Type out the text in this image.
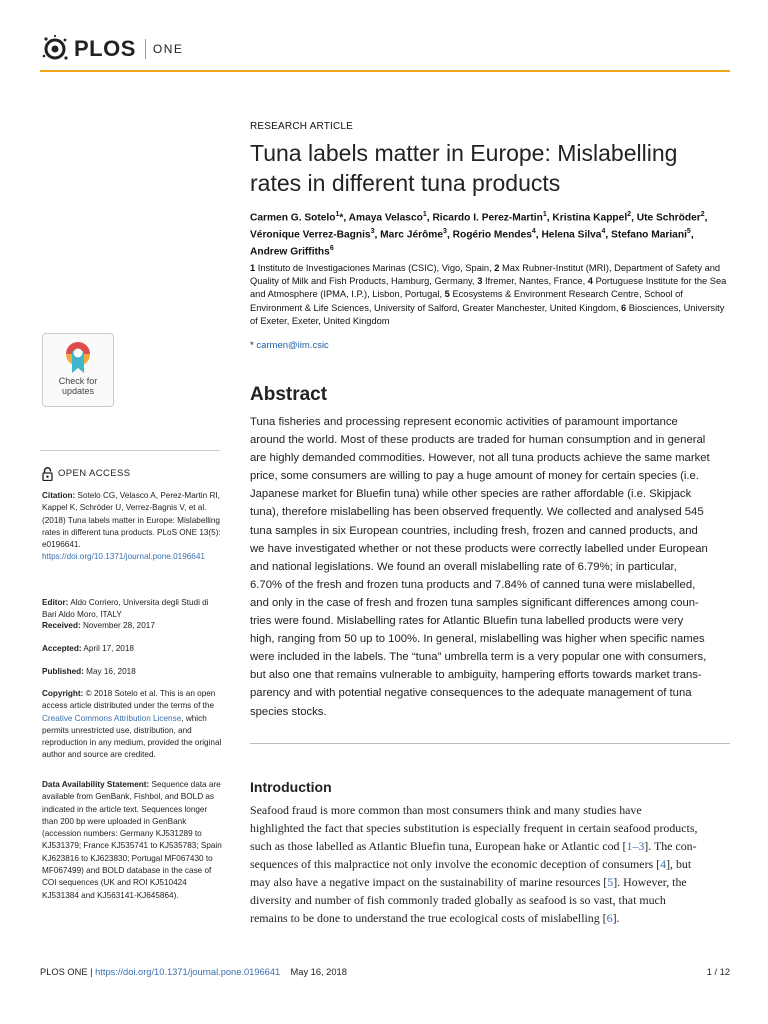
PLOS ONE
RESEARCH ARTICLE
Tuna labels matter in Europe: Mislabelling rates in different tuna products
Carmen G. Sotelo$^1$*, Amaya Velasco$^1$, Ricardo I. Perez-Martin$^1$, Kristina Kappel$^2$, Ute Schröder$^2$, Véronique Verrez-Bagnis$^3$, Marc Jérôme$^3$, Rogério Mendes$^4$, Helena Silva$^4$, Stefano Mariani$^5$, Andrew Griffiths$^6$
1 Instituto de Investigaciones Marinas (CSIC), Vigo, Spain, 2 Max Rubner-Institut (MRI), Department of Safety and Quality of Milk and Fish Products, Hamburg, Germany, 3 Ifremer, Nantes, France, 4 Portuguese Institute for the Sea and Atmosphere (IPMA, I.P.), Lisbon, Portugal, 5 Ecosystems & Environment Research Centre, School of Environment & Life Sciences, University of Salford, Greater Manchester, United Kingdom, 6 Biosciences, University of Exeter, Exeter, United Kingdom
* carmen@iim.csic
Check for
updates
OPEN ACCESS
Citation: Sotelo CG, Velasco A, Perez-Martin RI, Kappel K, Schröder U, Verrez-Bagnis V, et al. (2018) Tuna labels matter in Europe: Mislabelling rates in different tuna products. PLoS ONE 13(5): e0196641. https://doi.org/10.1371/journal.pone.0196641
Editor: Aldo Corriero, Universita degli Studi di Bari Aldo Moro, ITALY
Received: November 28, 2017
Accepted: April 17, 2018
Published: May 16, 2018
Copyright: © 2018 Sotelo et al. This is an open access article distributed under the terms of the Creative Commons Attribution License, which permits unrestricted use, distribution, and reproduction in any medium, provided the original author and source are credited.
Data Availability Statement: Sequence data are available from GenBank, Fishbol, and BOLD as indicated in the article text. Sequences longer than 200 bp were uploaded in GenBank (accession numbers: Germany KJ531289 to KJ531379; France KJ535741 to KJ535783; Spain KJ623816 to KJ623830; Portugal MF067430 to MF067499) and BOLD database in the case of COI sequences (UK and ROI KJ510424 KJ531384 and KJ563141-KJ645864).
Abstract
Tuna fisheries and processing represent economic activities of paramount importance
around the world. Most of these products are traded for human consumption and in general
are highly demanded commodities. However, not all tuna products achieve the same market
price, some consumers are willing to pay a huge amount of money for certain species (i.e.
Japanese market for Bluefin tuna) while other species are rather affordable (i.e. Skipjack
tuna), therefore mislabelling has been observed frequently. We collected and analysed 545
tuna samples in six European countries, including fresh, frozen and canned products, and
we have investigated whether or not these products were correctly labelled under European
and national legislations. We found an overall mislabelling rate of 6.79%; in particular,
6.70% of the fresh and frozen tuna products and 7.84% of canned tuna were mislabelled,
and only in the case of fresh and frozen tuna samples significant differences among coun-
tries were found. Mislabelling rates for Atlantic Bluefin tuna labelled products were very
high, ranging from 50 up to 100%. In general, mislabelling was higher when specific names
were included in the labels. The “tuna” umbrella term is a very popular one with consumers,
but also one that remains vulnerable to ambiguity, hampering efforts towards market trans-
parency and with potential negative consequences to the adequate management of tuna
species stocks.
Introduction
Seafood fraud is more common than most consumers think and many studies have
highlighted the fact that species substitution is especially frequent in certain seafood products,
such as those labelled as Atlantic Bluefin tuna, European hake or Atlantic cod [1–3]. The con-
sequences of this malpractice not only involve the economic deception of consumers [4], but
may also have a negative impact on the sustainability of marine resources [5]. However, the
diversity and number of fish commonly traded globally as seafood is so vast, that much
remains to be done to understand the true ecological costs of mislabelling [6].
PLOS ONE | https://doi.org/10.1371/journal.pone.0196641 May 16, 2018	1 / 12
